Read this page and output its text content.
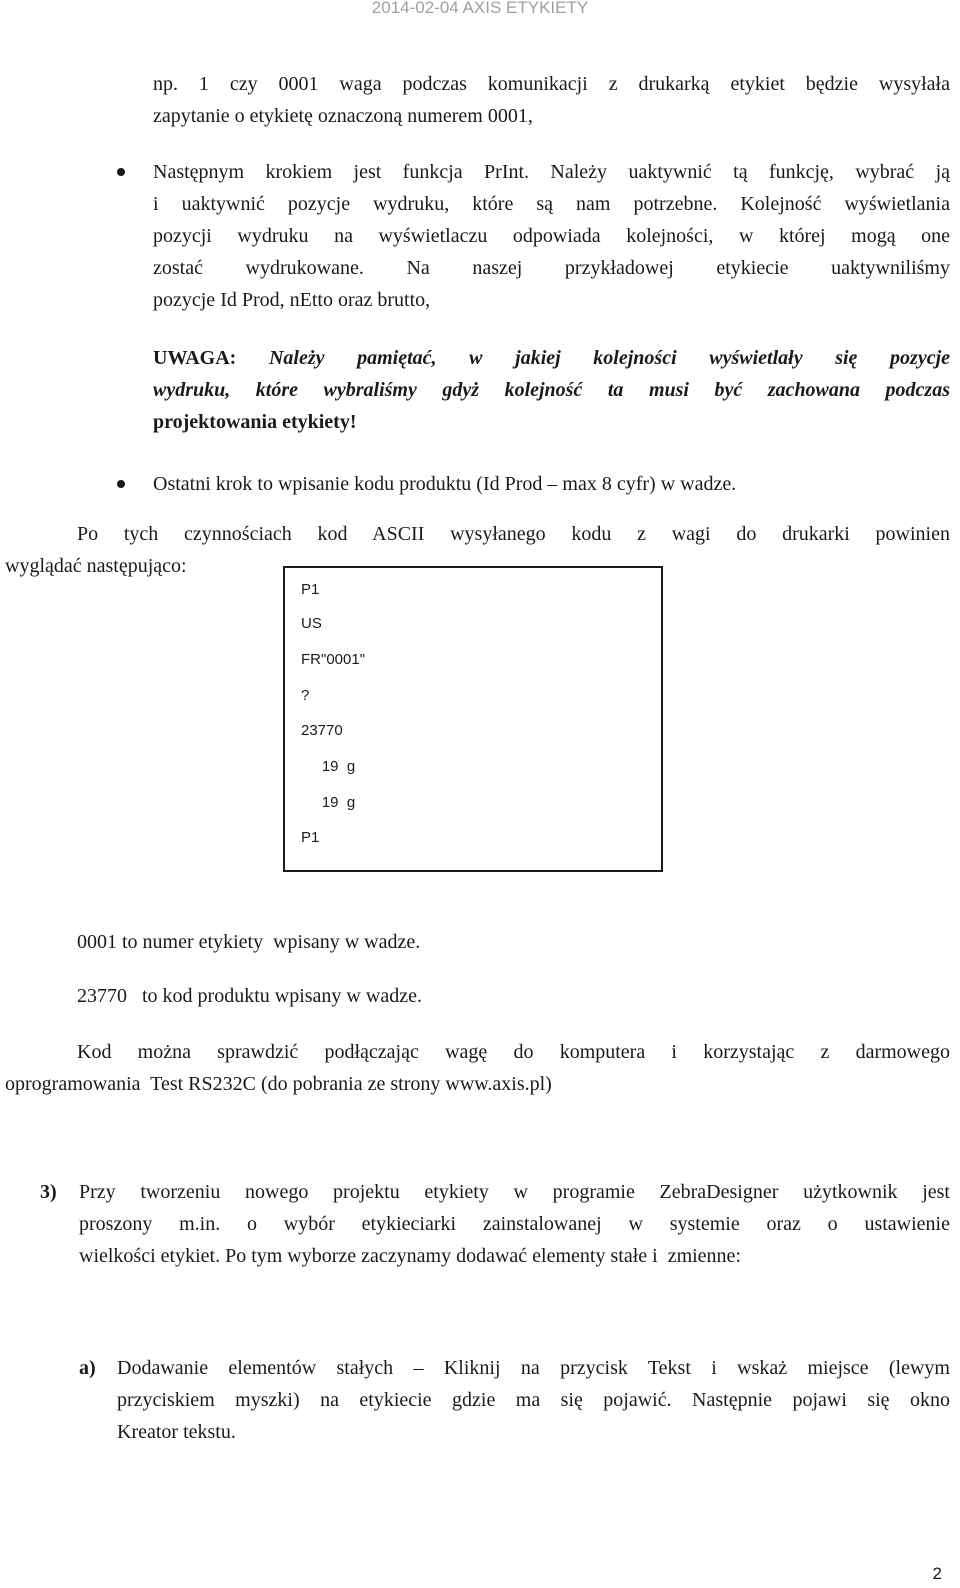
2014-02-04 AXIS ETYKIETY
np. 1 czy 0001 waga podczas komunikacji z drukarką etykiet będzie wysyłała
zapytanie o etykietę oznaczoną numerem 0001,
Następnym krokiem jest funkcja PrInt. Należy uaktywnić tą funkcję, wybrać ją
i uaktywnić pozycje wydruku, które są nam potrzebne. Kolejność wyświetlania
pozycji wydruku na wyświetlaczu odpowiada kolejności, w której mogą one
zostać wydrukowane. Na naszej przykładowej etykiecie uaktywniliśmy
pozycje Id Prod, nEtto oraz brutto,
UWAGA: Należy pamiętać, w jakiej kolejności wyświetlały się pozycje
wydruku, które wybraliśmy gdyż kolejność ta musi być zachowana podczas
projektowania etykiety!
Ostatni krok to wpisanie kodu produktu (Id Prod – max 8 cyfr) w wadze.
Po tych czynnościach kod ASCII wysyłanego kodu z wagi do drukarki powinien
wyglądać następująco:
P1
US
FR"0001"
?
23770
19  g
19  g
P1
0001 to numer etykiety  wpisany w wadze.
23770   to kod produktu wpisany w wadze.
Kod można sprawdzić podłączając wagę do komputera i korzystając z darmowego
oprogramowania  Test RS232C (do pobrania ze strony www.axis.pl)
3) Przy tworzeniu nowego projektu etykiety w programie ZebraDesigner użytkownik jest
proszony m.in. o wybór etykieciarki zainstalowanej w systemie oraz o ustawienie
wielkości etykiet. Po tym wyborze zaczynamy dodawać elementy stałe i  zmienne:
a) Dodawanie elementów stałych – Kliknij na przycisk Tekst i wskaż miejsce (lewym
przyciskiem myszki) na etykiecie gdzie ma się pojawić. Następnie pojawi się okno
Kreator tekstu.
2
